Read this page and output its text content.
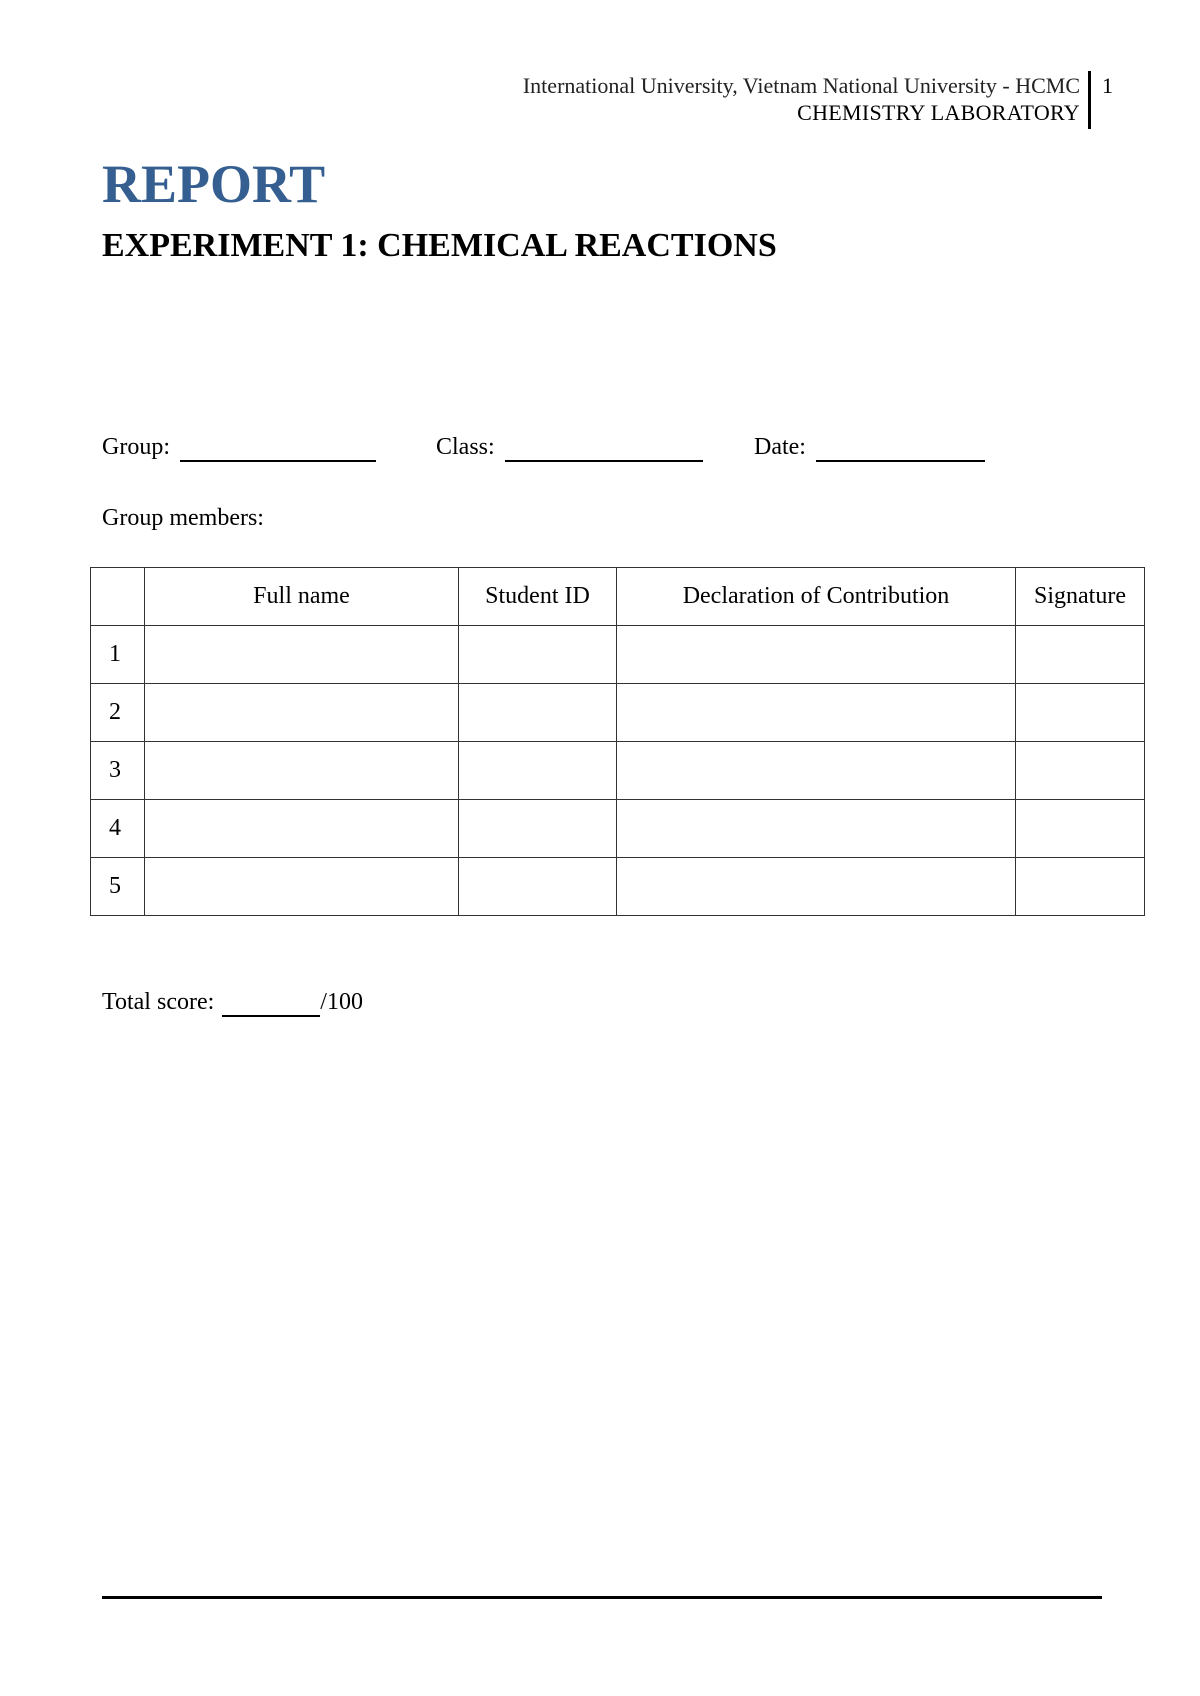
International University, Vietnam National University - HCMC
CHEMISTRY LABORATORY
1
REPORT
EXPERIMENT 1: CHEMICAL REACTIONS
Group:	Class:	Date:
Group members:
	Full name	Student ID	Declaration of Contribution	Signature
1				
2				
3				
4				
5				
Total score:	/100
